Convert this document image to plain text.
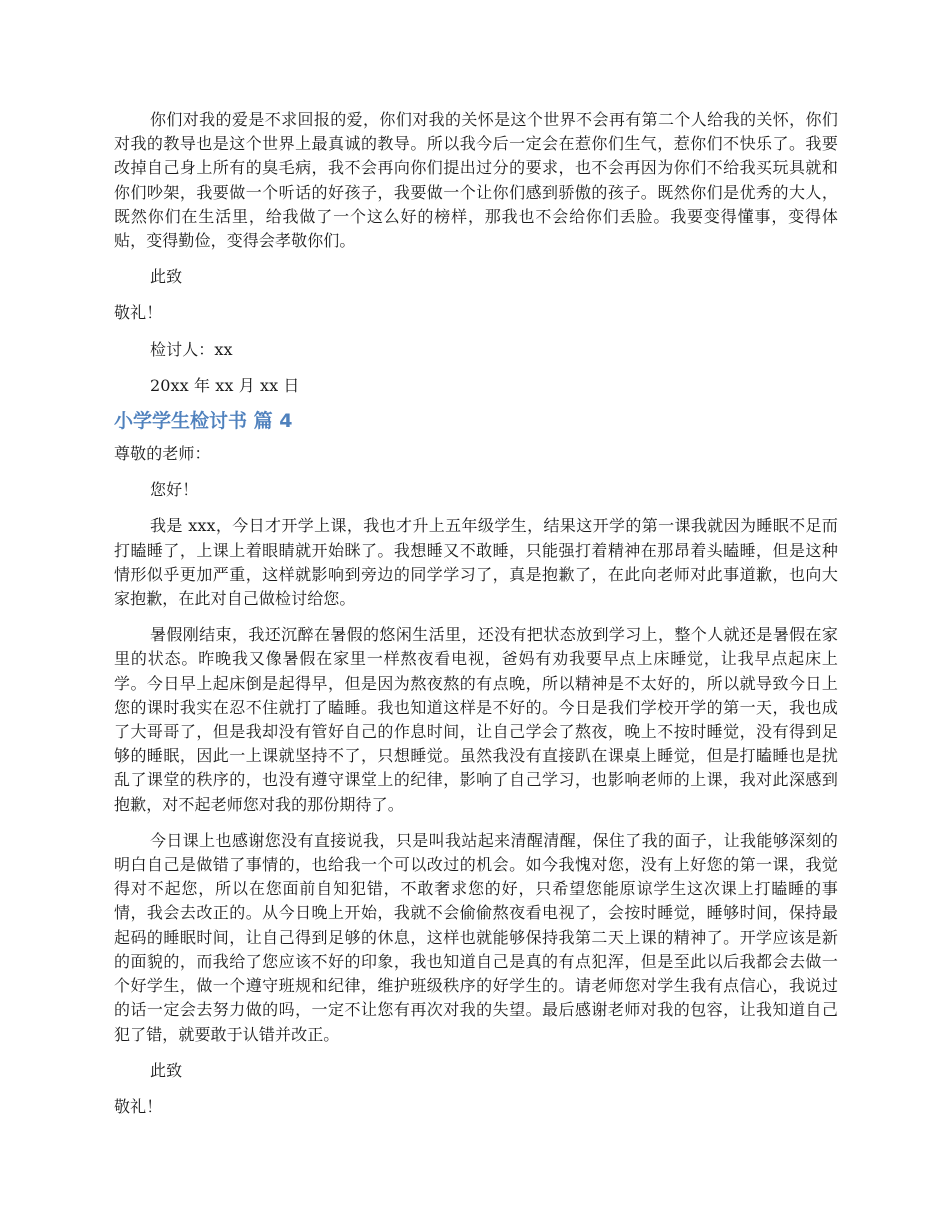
你们对我的爱是不求回报的爱，你们对我的关怀是这个世界不会再有第二个人给我的关怀，你们对我的教导也是这个世界上最真诚的教导。所以我今后一定会在惹你们生气，惹你们不快乐了。我要改掉自己身上所有的臭毛病，我不会再向你们提出过分的要求，也不会再因为你们不给我买玩具就和你们吵架，我要做一个听话的好孩子，我要做一个让你们感到骄傲的孩子。既然你们是优秀的大人，既然你们在生活里，给我做了一个这么好的榜样，那我也不会给你们丢脸。我要变得懂事，变得体贴，变得勤俭，变得会孝敬你们。

此致

敬礼！

检讨人：xx

20xx 年 xx 月 xx 日

小学学生检讨书 篇 4

尊敬的老师：

您好！

我是 xxx，今日才开学上课，我也才升上五年级学生，结果这开学的第一课我就因为睡眠不足而打瞌睡了，上课上着眼睛就开始眯了。我想睡又不敢睡，只能强打着精神在那昂着头瞌睡，但是这种情形似乎更加严重，这样就影响到旁边的同学学习了，真是抱歉了，在此向老师对此事道歉，也向大家抱歉，在此对自己做检讨给您。

暑假刚结束，我还沉醉在暑假的悠闲生活里，还没有把状态放到学习上，整个人就还是暑假在家里的状态。昨晚我又像暑假在家里一样熬夜看电视，爸妈有劝我要早点上床睡觉，让我早点起床上学。今日早上起床倒是起得早，但是因为熬夜熬的有点晚，所以精神是不太好的，所以就导致今日上您的课时我实在忍不住就打了瞌睡。我也知道这样是不好的。今日是我们学校开学的第一天，我也成了大哥哥了，但是我却没有管好自己的作息时间，让自己学会了熬夜，晚上不按时睡觉，没有得到足够的睡眠，因此一上课就坚持不了，只想睡觉。虽然我没有直接趴在课桌上睡觉，但是打瞌睡也是扰乱了课堂的秩序的，也没有遵守课堂上的纪律，影响了自己学习，也影响老师的上课，我对此深感到抱歉，对不起老师您对我的那份期待了。

今日课上也感谢您没有直接说我，只是叫我站起来清醒清醒，保住了我的面子，让我能够深刻的明白自己是做错了事情的，也给我一个可以改过的机会。如今我愧对您，没有上好您的第一课，我觉得对不起您，所以在您面前自知犯错，不敢奢求您的好，只希望您能原谅学生这次课上打瞌睡的事情，我会去改正的。从今日晚上开始，我就不会偷偷熬夜看电视了，会按时睡觉，睡够时间，保持最起码的睡眠时间，让自己得到足够的休息，这样也就能够保持我第二天上课的精神了。开学应该是新的面貌的，而我给了您应该不好的印象，我也知道自己是真的有点犯浑，但是至此以后我都会去做一个好学生，做一个遵守班规和纪律，维护班级秩序的好学生的。请老师您对学生我有点信心，我说过的话一定会去努力做的吗，一定不让您有再次对我的失望。最后感谢老师对我的包容，让我知道自己犯了错，就要敢于认错并改正。

此致

敬礼！
